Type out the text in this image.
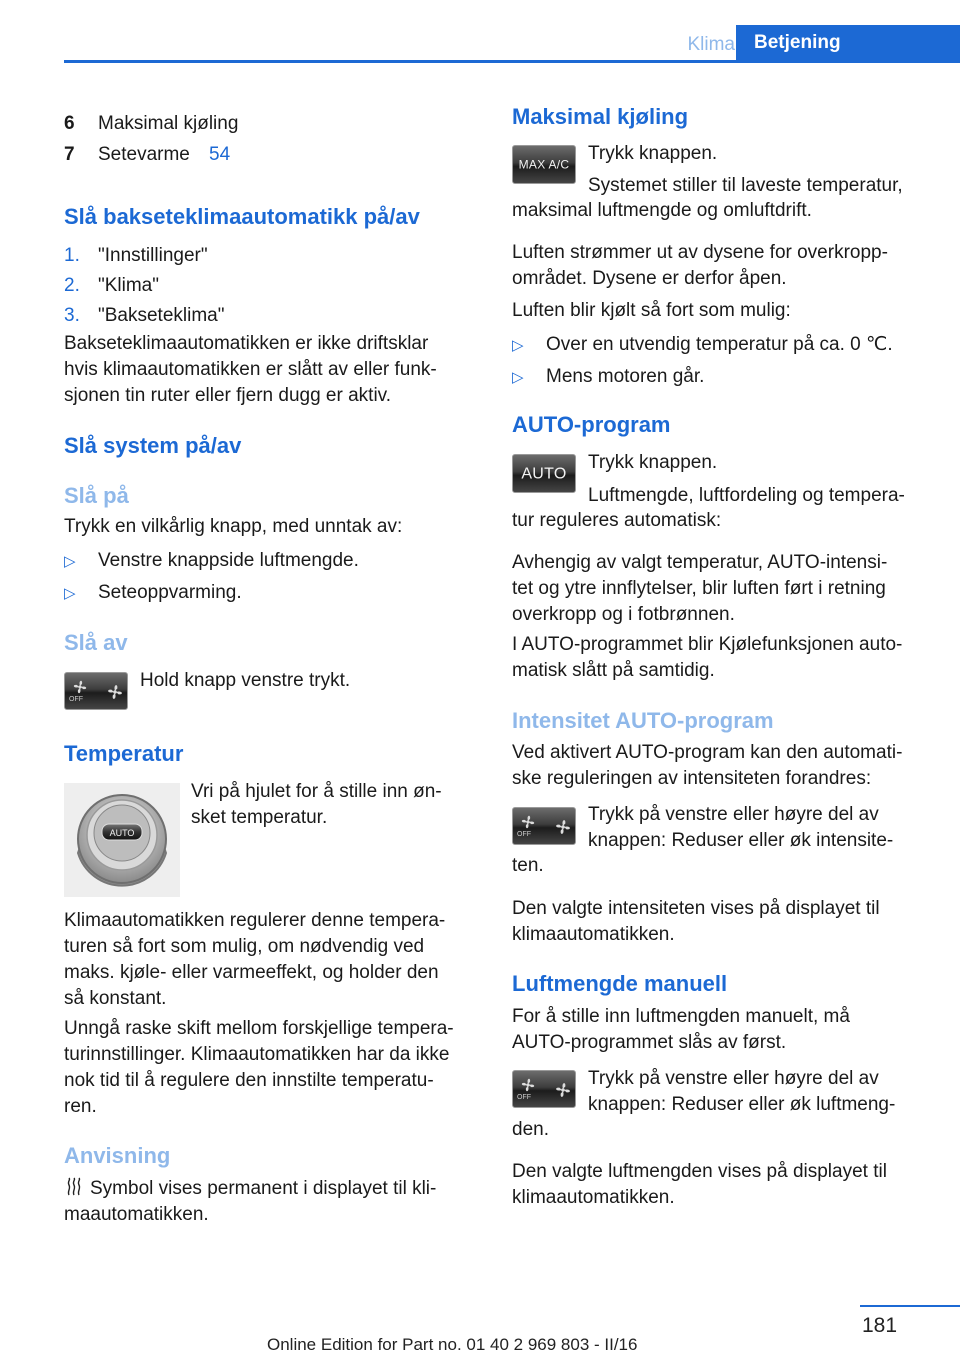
Klima	Betjening
6 Maksimal kjøling
7 Setevarme 54
Slå bakseteklimaautomatikk på/av
1. "Innstillinger"
2. "Klima"
3. "Bakseteklima"
Bakseteklimaautomatikken er ikke driftsklar
hvis klimaautomatikken er slått av eller funk-
sjonen tin ruter eller fjern dugg er aktiv.
Slå system på/av
Slå på
Trykk en vilkårlig knapp, med unntak av:
▷ Venstre knappside luftmengde.
▷ Seteoppvarming.
Slå av
OFF
Hold knapp venstre trykt.
Temperatur
AUTO
Vri på hjulet for å stille inn øn-
sket temperatur.
Klimaautomatikken regulerer denne tempera-
turen så fort som mulig, om nødvendig ved
maks. kjøle- eller varmeeffekt, og holder den
så konstant.
Unngå raske skift mellom forskjellige tempera-
turinnstillinger. Klimaautomatikken har da ikke
nok tid til å regulere den innstilte temperatu-
ren.
Anvisning
Symbol vises permanent i displayet til kli-
maautomatikken.
Maksimal kjøling
MAX A/C Trykk knappen.
Systemet stiller til laveste temperatur,
maksimal luftmengde og omluftdrift.
Luften strømmer ut av dysene for overkropp-
området. Dysene er derfor åpen.
Luften blir kjølt så fort som mulig:
▷ Over en utvendig temperatur på ca. 0 ℃.
▷ Mens motoren går.
AUTO-program
AUTO
Trykk knappen.
Luftmengde, luftfordeling og tempera-
tur reguleres automatisk:
Avhengig av valgt temperatur, AUTO-intensi-
tet og ytre innflytelser, blir luften ført i retning
overkropp og i fotbrønnen.
I AUTO-programmet blir Kjølefunksjonen auto-
matisk slått på samtidig.
Intensitet AUTO-program
Ved aktivert AUTO-program kan den automati-
ske reguleringen av intensiteten forandres:
OFF
Trykk på venstre eller høyre del av
knappen: Reduser eller øk intensite-
ten.
Den valgte intensiteten vises på displayet til
klimaautomatikken.
Luftmengde manuell
For å stille inn luftmengden manuelt, må
AUTO-programmet slås av først.
OFF
Trykk på venstre eller høyre del av
knappen: Reduser eller øk luftmeng-
den.
Den valgte luftmengden vises på displayet til
klimaautomatikken.
181
Online Edition for Part no. 01 40 2 969 803 - II/16
